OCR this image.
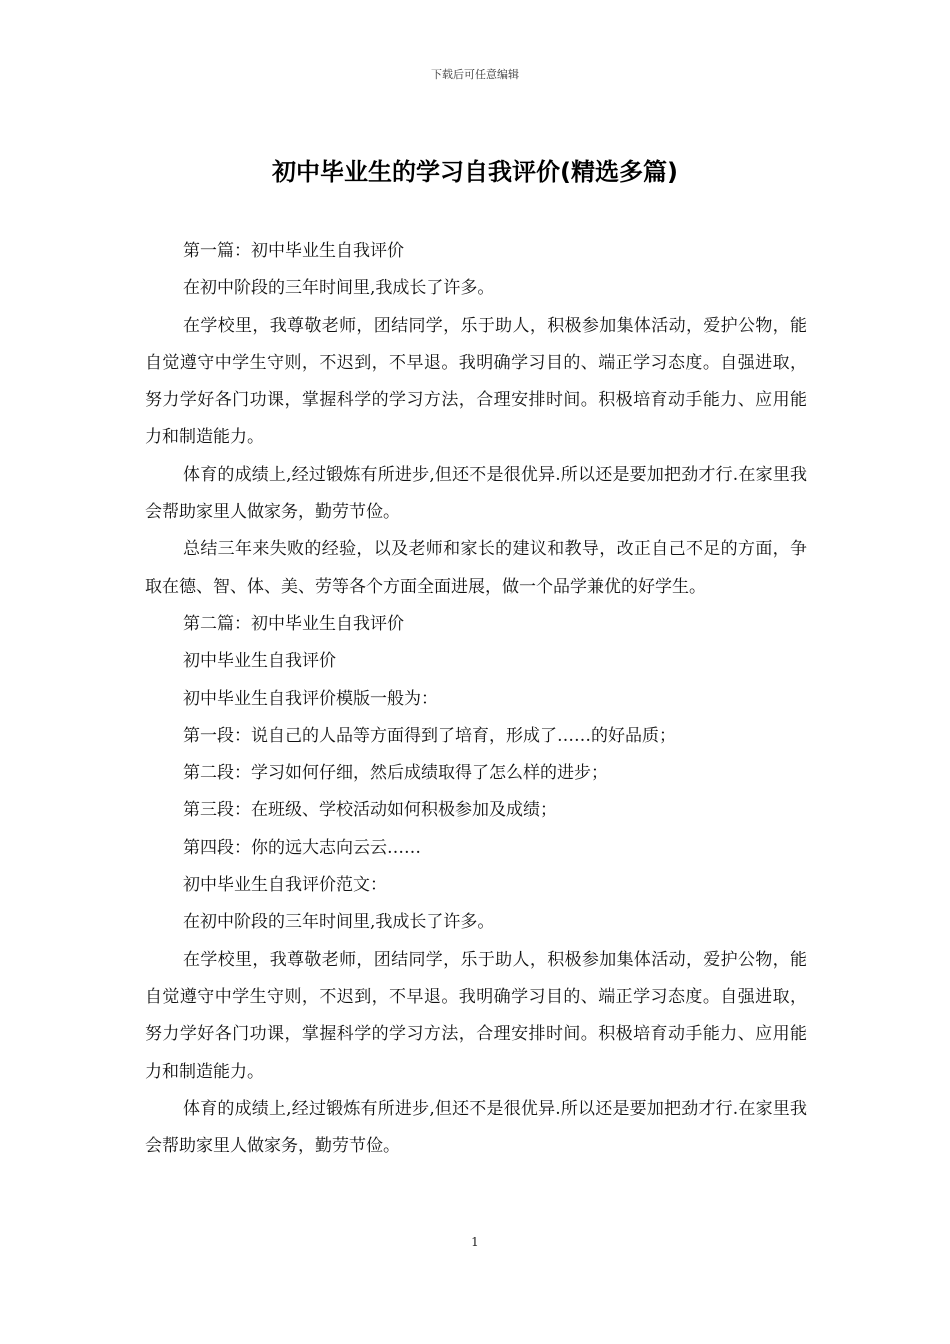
下载后可任意编辑
初中毕业生的学习自我评价(精选多篇)

第一篇：初中毕业生自我评价

在初中阶段的三年时间里,我成长了许多。

在学校里，我尊敬老师，团结同学，乐于助人，积极参加集体活动，爱护公物，能自觉遵守中学生守则，不迟到，不早退。我明确学习目的、端正学习态度。自强进取，努力学好各门功课，掌握科学的学习方法，合理安排时间。积极培育动手能力、应用能力和制造能力。

体育的成绩上,经过锻炼有所进步,但还不是很优异.所以还是要加把劲才行.在家里我会帮助家里人做家务，勤劳节俭。

总结三年来失败的经验，以及老师和家长的建议和教导，改正自己不足的方面，争取在德、智、体、美、劳等各个方面全面进展，做一个品学兼优的好学生。

第二篇：初中毕业生自我评价

初中毕业生自我评价

初中毕业生自我评价模版一般为：

第一段：说自己的人品等方面得到了培育，形成了……的好品质；

第二段：学习如何仔细，然后成绩取得了怎么样的进步；

第三段：在班级、学校活动如何积极参加及成绩；

第四段：你的远大志向云云……

初中毕业生自我评价范文：

在初中阶段的三年时间里,我成长了许多。

在学校里，我尊敬老师，团结同学，乐于助人，积极参加集体活动，爱护公物，能自觉遵守中学生守则，不迟到，不早退。我明确学习目的、端正学习态度。自强进取，努力学好各门功课，掌握科学的学习方法，合理安排时间。积极培育动手能力、应用能力和制造能力。

体育的成绩上,经过锻炼有所进步,但还不是很优异.所以还是要加把劲才行.在家里我会帮助家里人做家务，勤劳节俭。

1
